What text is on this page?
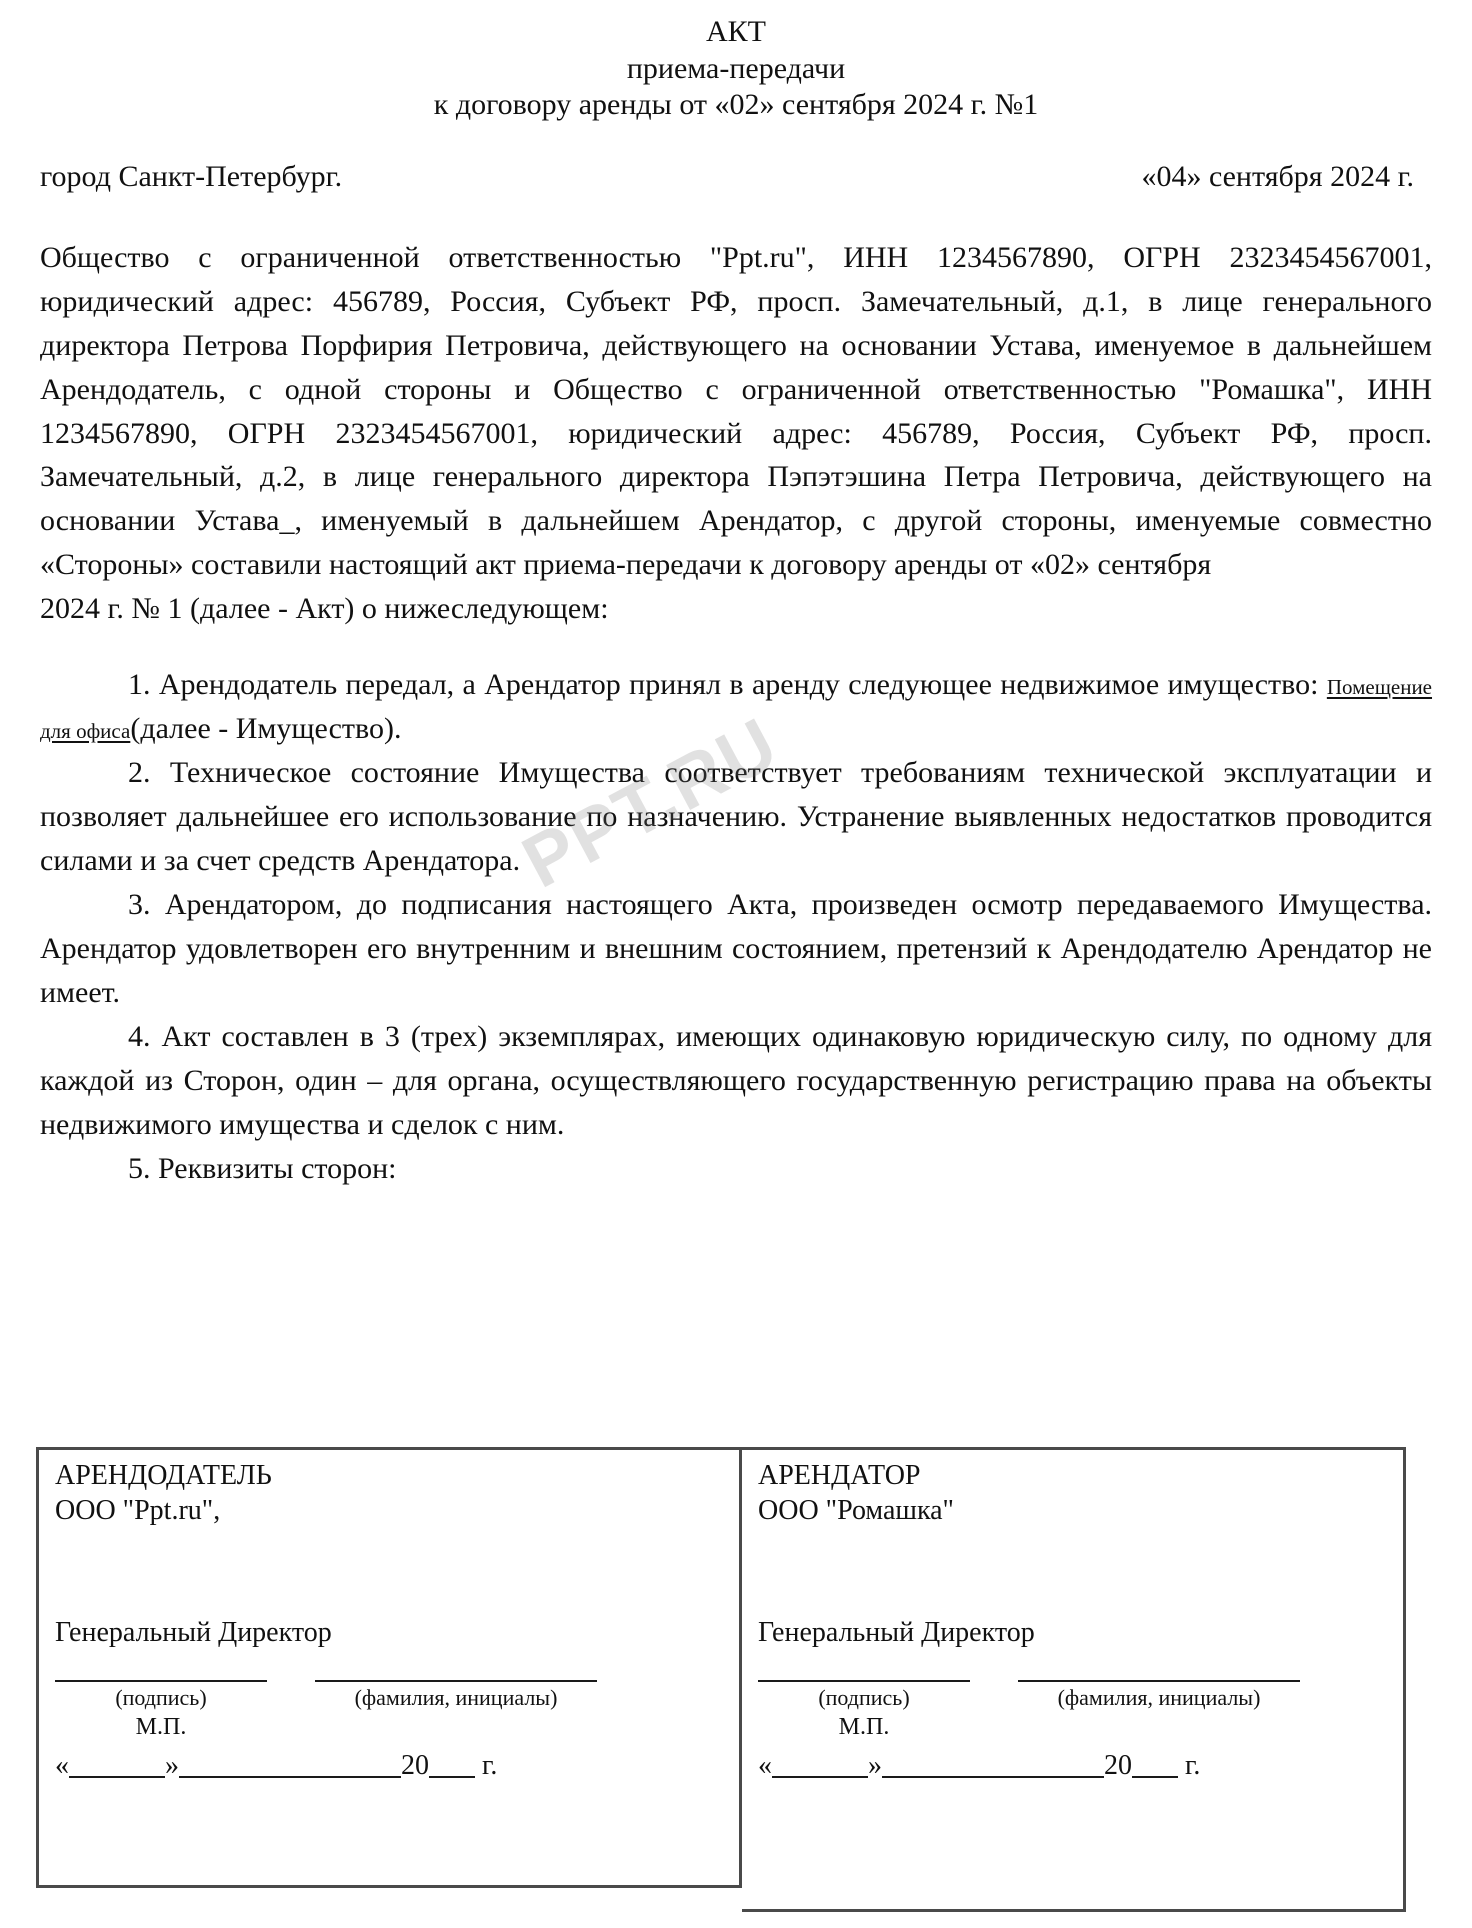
АКТ
приема-передачи
к договору аренды от «02» сентября 2024 г. №1
город Санкт-Петербург.	«04» сентября 2024 г.
Общество с ограниченной ответственностью "Ppt.ru", ИНН 1234567890, ОГРН 2323454567001, юридический адрес: 456789, Россия, Субъект РФ, просп. Замечательный, д.1, в лице генерального директора Петрова Порфирия Петровича, действующего на основании Устава, именуемое в дальнейшем Арендодатель, с одной стороны и Общество с ограниченной ответственностью "Ромашка", ИНН 1234567890, ОГРН 2323454567001, юридический адрес: 456789, Россия, Субъект РФ, просп. Замечательный, д.2, в лице генерального директора Пэпэтэшина Петра Петровича, действующего на основании Устава_, именуемый в дальнейшем Арендатор, с другой стороны, именуемые совместно «Стороны» составили настоящий акт приема-передачи к договору аренды от «02» сентября
2024 г. № 1 (далее - Акт) о нижеследующем:

1. Арендодатель передал, а Арендатор принял в аренду следующее недвижимое имущество: Помещение для офиса(далее - Имущество).

2. Техническое состояние Имущества соответствует требованиям технической эксплуатации и позволяет дальнейшее его использование по назначению. Устранение выявленных недостатков проводится силами и за счет средств Арендатора.

3. Арендатором, до подписания настоящего Акта, произведен осмотр передаваемого Имущества. Арендатор удовлетворен его внутренним и внешним состоянием, претензий к Арендодателю Арендатор не имеет.

4. Акт составлен в 3 (трех) экземплярах, имеющих одинаковую юридическую силу, по одному для каждой из Сторон, один – для органа, осуществляющего государственную регистрацию права на объекты недвижимого имущества и сделок с ним.

5. Реквизиты сторон:

PPT.RU
АРЕНДОДАТЕЛЬ
ООО "Ppt.ru",
Генеральный Директор
(подпись)	(фамилия, инициалы)
М.П.
«	»	20 г.
АРЕНДАТОР
ООО "Ромашка"
Генеральный Директор
(подпись)	(фамилия, инициалы)
М.П.
«	»	20 г.
